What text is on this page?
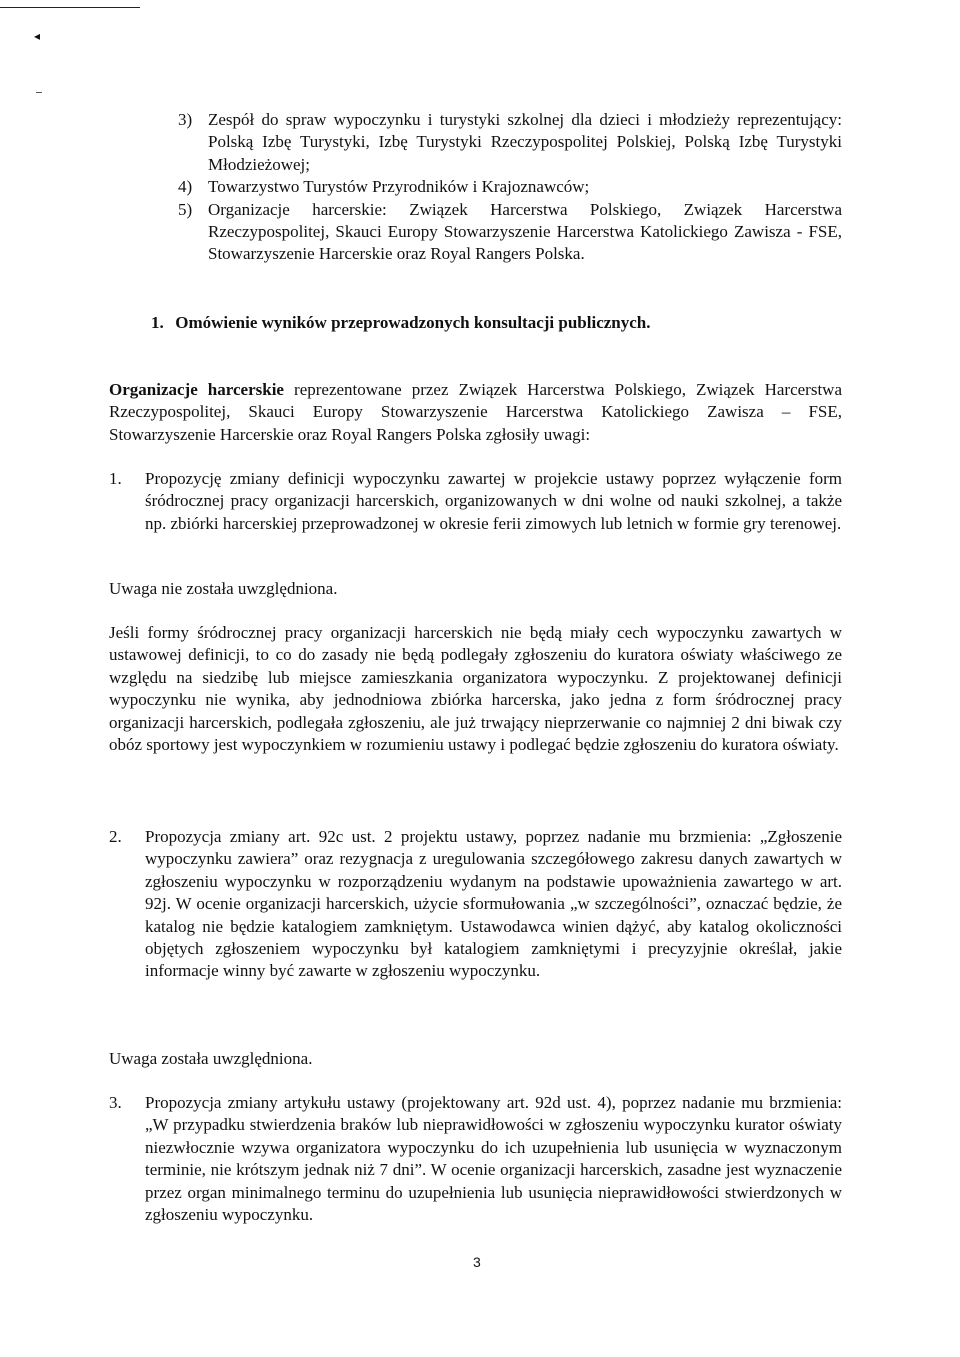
◂
3) Zespół do spraw wypoczynku i turystyki szkolnej dla dzieci i młodzieży reprezentujący: Polską Izbę Turystyki, Izbę Turystyki Rzeczypospolitej Polskiej, Polską Izbę Turystyki Młodzieżowej;
4) Towarzystwo Turystów Przyrodników i Krajoznawców;
5) Organizacje harcerskie: Związek Harcerstwa Polskiego, Związek Harcerstwa Rzeczypospolitej, Skauci Europy Stowarzyszenie Harcerstwa Katolickiego Zawisza - FSE, Stowarzyszenie Harcerskie oraz Royal Rangers Polska.
1. Omówienie wyników przeprowadzonych konsultacji publicznych.
Organizacje harcerskie reprezentowane przez Związek Harcerstwa Polskiego, Związek Harcerstwa Rzeczypospolitej, Skauci Europy Stowarzyszenie Harcerstwa Katolickiego Zawisza – FSE, Stowarzyszenie Harcerskie oraz Royal Rangers Polska zgłosiły uwagi:
1.	Propozycję zmiany definicji wypoczynku zawartej w projekcie ustawy poprzez wyłączenie form śródrocznej pracy organizacji harcerskich, organizowanych w dni wolne od nauki szkolnej, a także np. zbiórki harcerskiej przeprowadzonej w okresie ferii zimowych lub letnich w formie gry terenowej.
Uwaga nie została uwzględniona.
Jeśli formy śródrocznej pracy organizacji harcerskich nie będą miały cech wypoczynku zawartych w ustawowej definicji, to co do zasady nie będą podlegały zgłoszeniu do kuratora oświaty właściwego ze względu na siedzibę lub miejsce zamieszkania organizatora wypoczynku. Z projektowanej definicji wypoczynku nie wynika, aby jednodniowa zbiórka harcerska, jako jedna z form śródrocznej pracy organizacji harcerskich, podlegała zgłoszeniu, ale już trwający nieprzerwanie co najmniej 2 dni biwak czy obóz sportowy jest wypoczynkiem w rozumieniu ustawy i podlegać będzie zgłoszeniu do kuratora oświaty.
2.	Propozycja zmiany art. 92c ust. 2 projektu ustawy, poprzez nadanie mu brzmienia: „Zgłoszenie wypoczynku zawiera” oraz rezygnacja z uregulowania szczegółowego zakresu danych zawartych w zgłoszeniu wypoczynku w rozporządzeniu wydanym na podstawie upoważnienia zawartego w art. 92j. W ocenie organizacji harcerskich, użycie sformułowania „w szczególności”, oznaczać będzie, że katalog nie będzie katalogiem zamkniętym. Ustawodawca winien dążyć, aby katalog okoliczności objętych zgłoszeniem wypoczynku był katalogiem zamkniętymi i precyzyjnie określał, jakie informacje winny być zawarte w zgłoszeniu wypoczynku.
Uwaga została uwzględniona.
3.	Propozycja zmiany artykułu ustawy (projektowany art. 92d ust. 4), poprzez nadanie mu brzmienia: „W przypadku stwierdzenia braków lub nieprawidłowości w zgłoszeniu wypoczynku kurator oświaty niezwłocznie wzywa organizatora wypoczynku do ich uzupełnienia lub usunięcia w wyznaczonym terminie, nie krótszym jednak niż 7 dni”. W ocenie organizacji harcerskich, zasadne jest wyznaczenie przez organ minimalnego terminu do uzupełnienia lub usunięcia nieprawidłowości stwierdzonych w zgłoszeniu wypoczynku.
3
